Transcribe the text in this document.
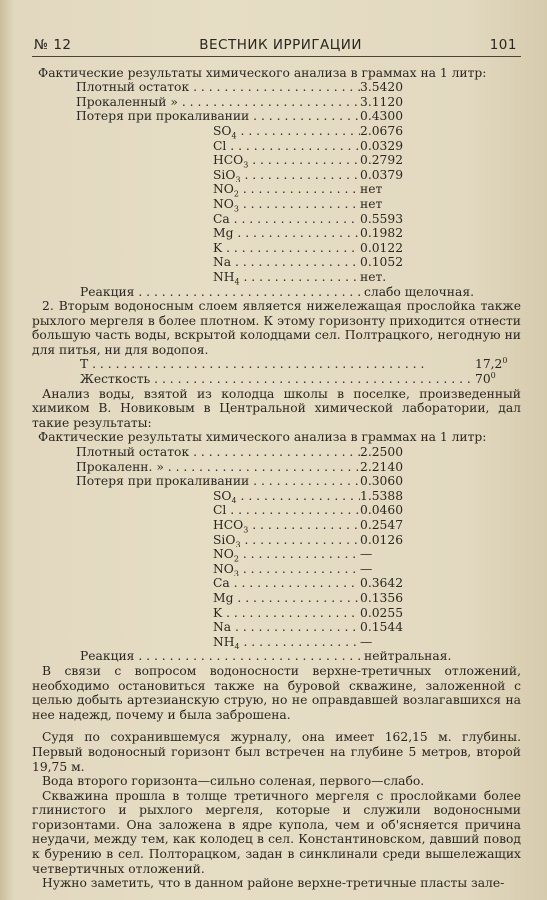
№ 12	ВЕСТНИК ИРРИГАЦИИ	101
Фактические результаты химического анализа в граммах на 1 литр:
Плотный остаток . . .	3.5420
Прокаленный » . . .	3.1120
Потеря при прокаливании . . .	0.4300
$SO_4$ . . .	2.0676
Cl . . .	0.0329
$HCO_3$ . . .	0.2792
SiO$_3$ . . .	0.0379
$NO_2$ . . .	нет
$NO_3$ . . .	нет
Ca . . .	0.5593
Mg . . .	0.1982
K . . .	0.0122
Na . . .	0.1052
$NH_4$ . . .	нет.
Реакция . . .	слабо щелочная.

2. Вторым водоносным слоем является нижележащая прослойка также рыхлого мергеля в более плотном. К этому горизонту приходится отнести большую часть воды, вскрытой колодцами сел. Полтрацкого, негодную ни для питья, ни для водопоя.

Т . . .	17,2$^0$
Жесткость . . .	$70^0$

Анализ воды, взятой из колодца школы в поселке, произведенный химиком В. Новиковым в Центральной химической лаборатории, дал такие результаты:

Фактические результаты химического анализа в граммах на 1 литр:
Плотный остаток . . .	2.2500
Прокаленн. » . . .	2.2140
Потеря при прокаливании . . .	0.3060
$SO_4$ . . .	1.5388
Cl . . .	0.0460
$HCO_3$ . . .	0.2547
SiO$_3$ . . .	0.0126
$NO_2$ . . .	—
$NO_3$ . . .	—
Ca . . .	0.3642
Mg . . .	0.1356
K . . .	0.0255
Na . . .	0.1544
$NH_4$ . . .	—
Реакция . . .	нейтральная.

В связи с вопросом водоносности верхне-третичных отложений, необходимо остановиться также на буровой скважине, заложенной с целью добыть артезианскую струю, но не оправдавшей возлагавшихся на нее надежд, почему и была заброшена.

Судя по сохранившемуся журналу, она имеет 162,15 м. глубины. Первый водоносный горизонт был встречен на глубине 5 метров, второй 19,75 м.

Вода второго горизонта—сильно соленая, первого—слабо.

Скважина прошла в толще третичного мергеля с прослойками более глинистого и рыхлого мергеля, которые и служили водоносными горизонтами. Она заложена в ядре купола, чем и об'ясняется причина неудачи, между тем, как колодец в сел. Константиновском, давший повод к бурению в сел. Полторацком, задан в синклинали среди вышележащих четвертичных отложений.

Нужно заметить, что в данном районе верхне-третичные пласты зале-
